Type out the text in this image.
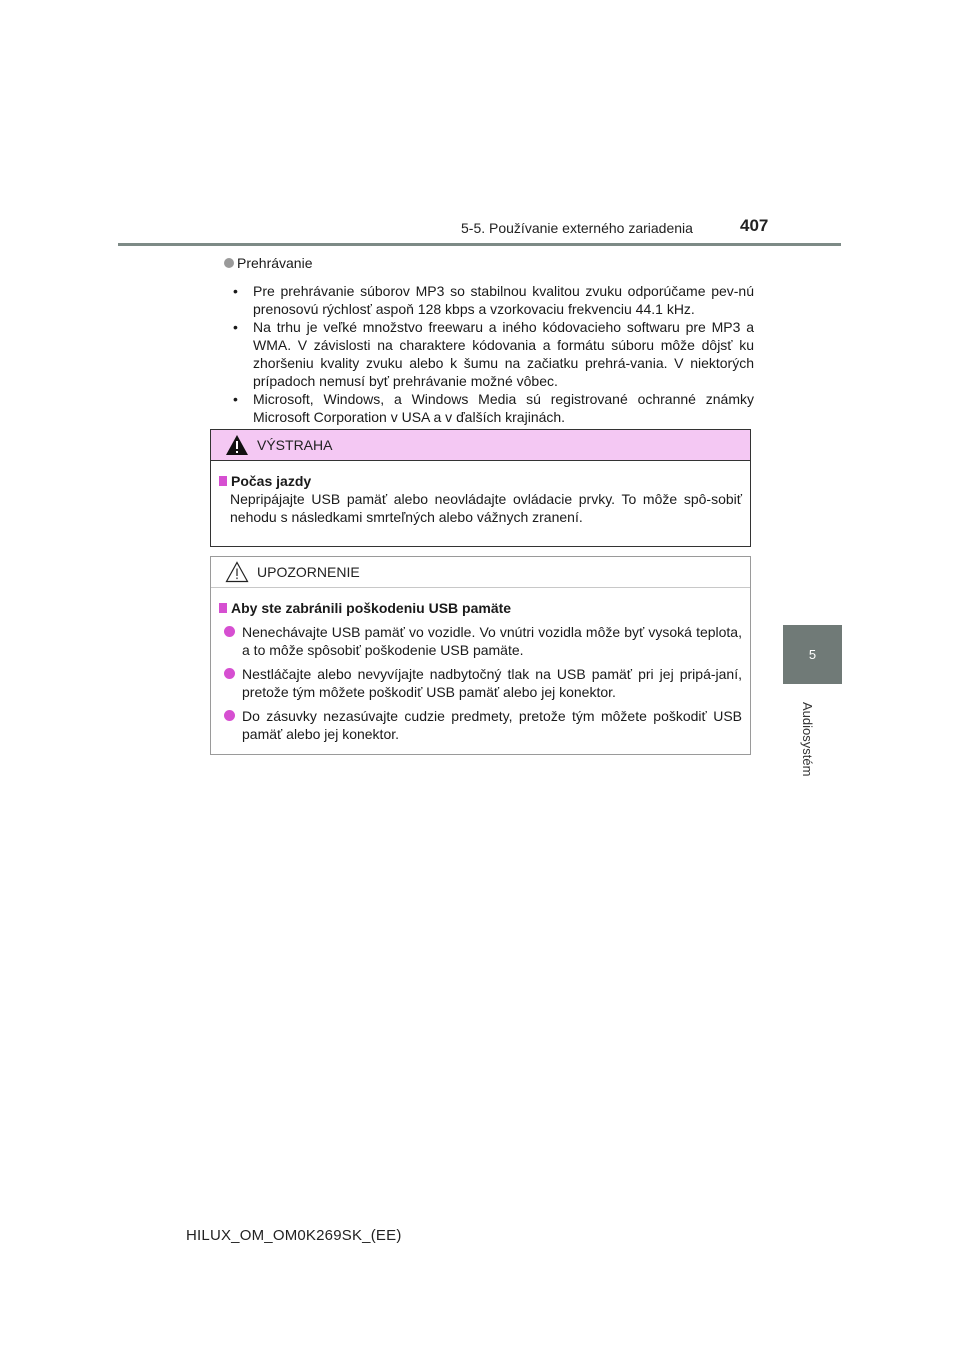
5-5. Používanie externého zariadenia	407
5
Audiosystém
Prehrávanie
• Pre prehrávanie súborov MP3 so stabilnou kvalitou zvuku odporúčame pev-nú prenosovú rýchlosť aspoň 128 kbps a vzorkovaciu frekvenciu 44.1 kHz.
• Na trhu je veľké množstvo freewaru a iného kódovacieho softwaru pre MP3 a WMA. V závislosti na charaktere kódovania a formátu súboru môže dôjsť ku zhoršeniu kvality zvuku alebo k šumu na začiatku prehrá-vania. V niektorých prípadoch nemusí byť prehrávanie možné vôbec.
• Microsoft, Windows, a Windows Media sú registrované ochranné známky Microsoft Corporation v USA a v ďalších krajinách.
VÝSTRAHA
Počas jazdy
Nepripájajte USB pamäť alebo neovládajte ovládacie prvky. To môže spô-sobiť nehodu s následkami smrteľných alebo vážnych zranení.
UPOZORNENIE
Aby ste zabránili poškodeniu USB pamäte
Nenechávajte USB pamäť vo vozidle. Vo vnútri vozidla môže byť vysoká teplota, a to môže spôsobiť poškodenie USB pamäte.
Nestláčajte alebo nevyvíjajte nadbytočný tlak na USB pamäť pri jej pripá-janí, pretože tým môžete poškodiť USB pamäť alebo jej konektor.
Do zásuvky nezasúvajte cudzie predmety, pretože tým môžete poškodiť USB pamäť alebo jej konektor.
HILUX_OM_OM0K269SK_(EE)
